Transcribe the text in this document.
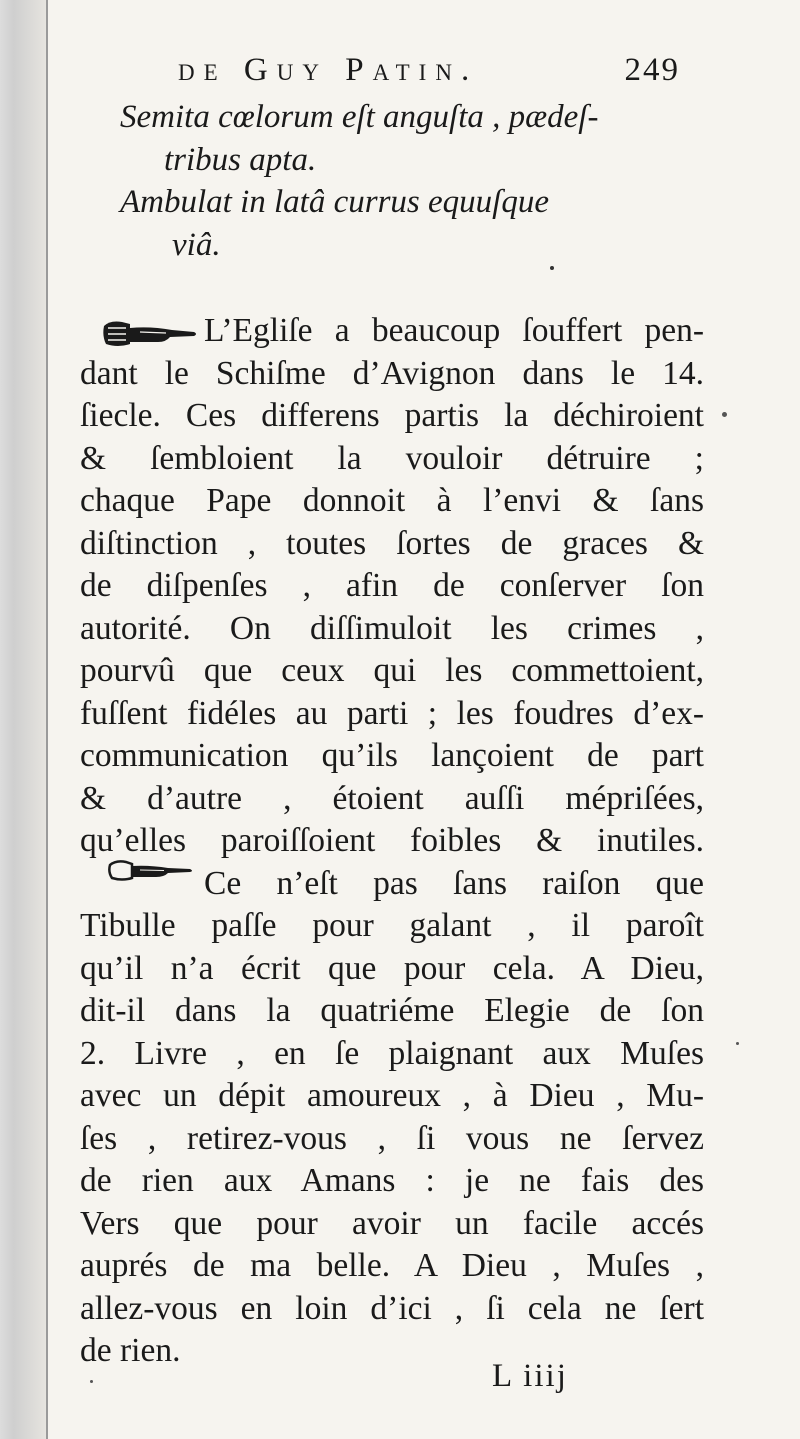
de Guy Patin.	249
Semita cœlorum eſt anguſta , pædeſ-
tribus apta.
Ambulat in latâ currus equuſque
viâ.
L’Egliſe a beaucoup ſouffert pen-
dant le Schiſme d’Avignon dans le 14.
ſiecle. Ces differens partis la déchiroient
& ſembloient la vouloir détruire ;
chaque Pape donnoit à l’envi & ſans
diſtinction , toutes ſortes de graces &
de diſpenſes , afin de conſerver ſon
autorité. On diſſimuloit les crimes ,
pourvû que ceux qui les commettoient,
fuſſent fidéles au parti ; les foudres d’ex-
communication qu’ils lançoient de part
& d’autre , étoient auſſi mépriſées,
qu’elles paroiſſoient foibles & inutiles.
Ce n’eſt pas ſans raiſon que
Tibulle paſſe pour galant , il paroît
qu’il n’a écrit que pour cela. A Dieu,
dit-il dans la quatriéme Elegie de ſon
2. Livre , en ſe plaignant aux Muſes
avec un dépit amoureux , à Dieu , Mu-
ſes , retirez-vous , ſi vous ne ſervez
de rien aux Amans : je ne fais des
Vers que pour avoir un facile accés
auprés de ma belle. A Dieu , Muſes ,
allez-vous en loin d’ici , ſi cela ne ſert
de rien.
L iiij
